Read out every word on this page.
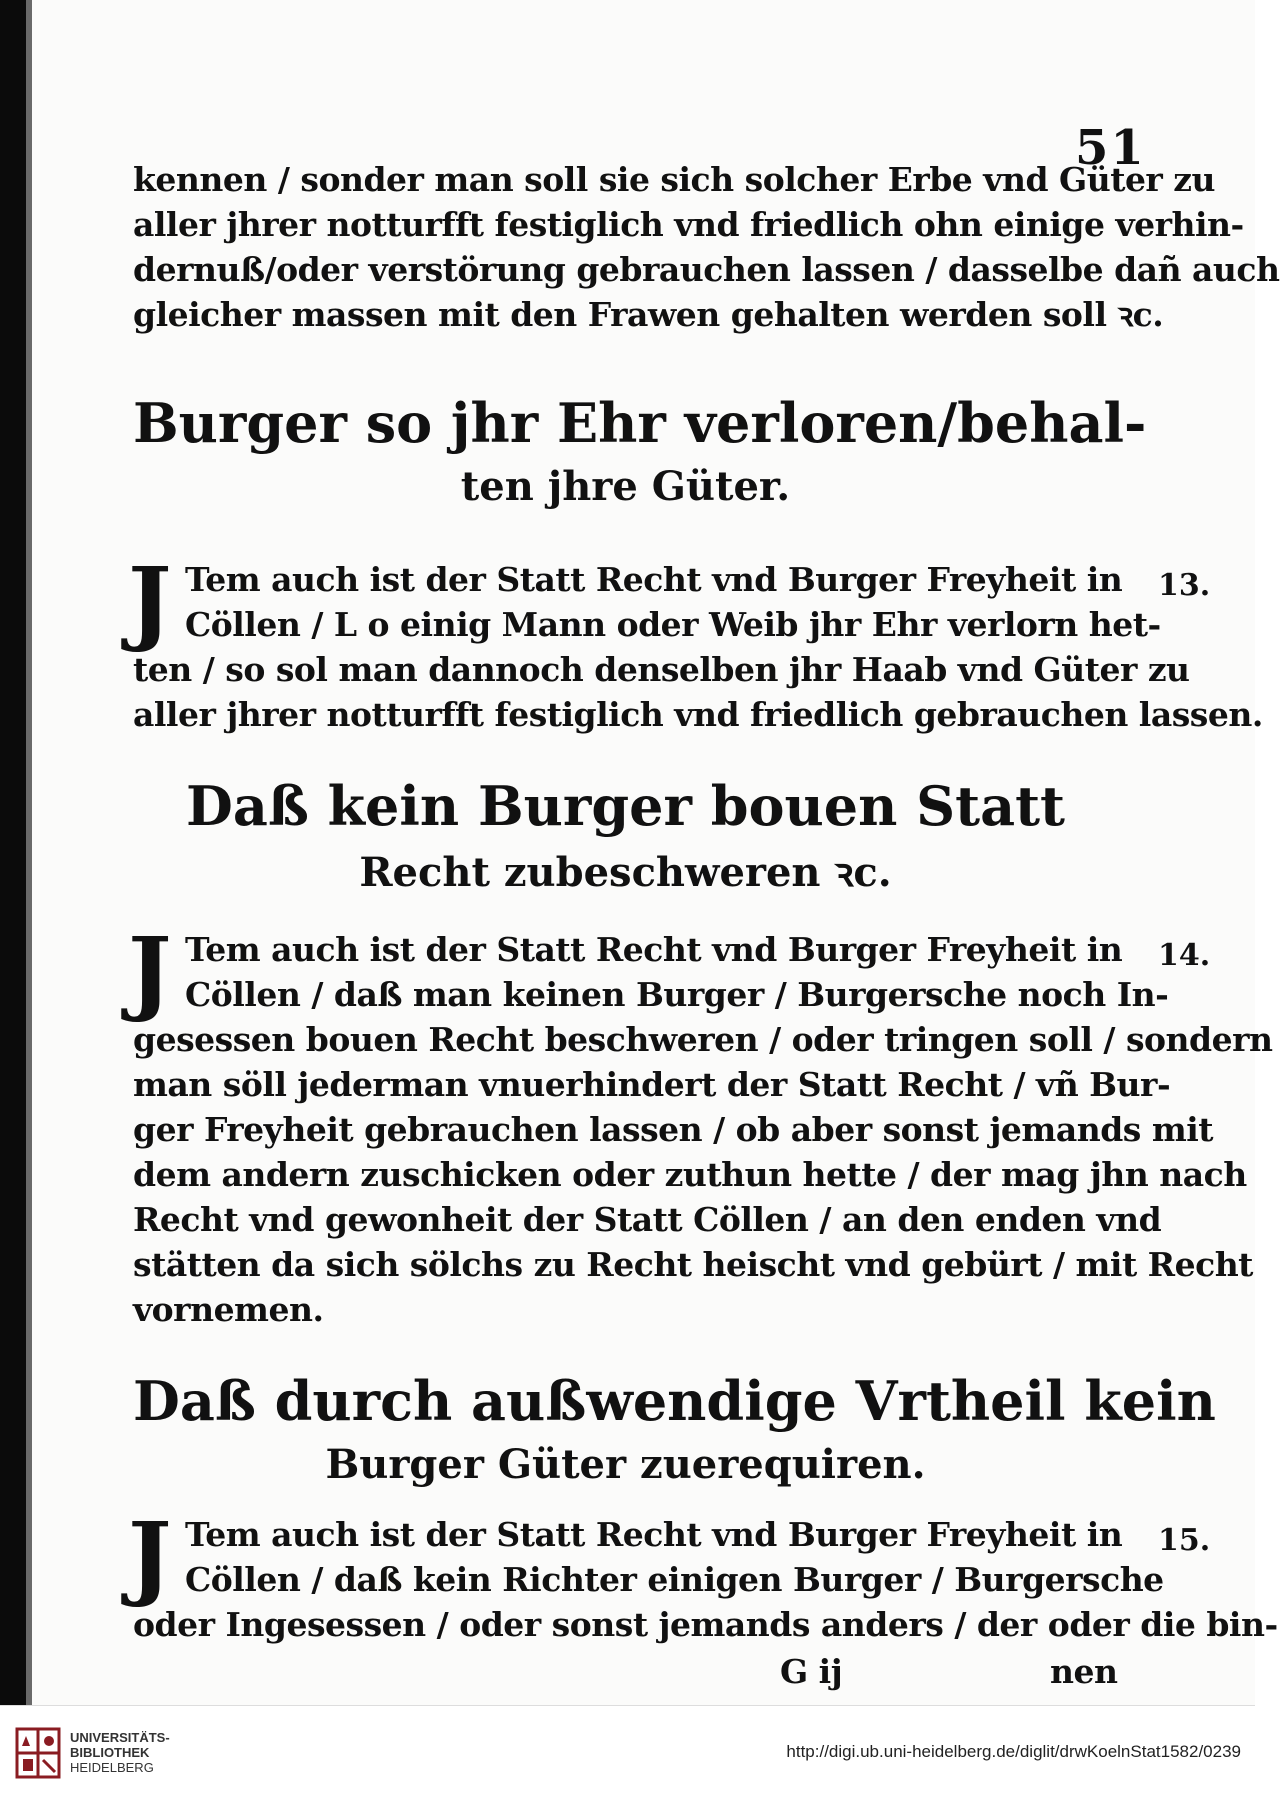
51
kennen / sonder man soll sie sich solcher Erbe vnd Güter zu
aller jhrer notturfft festiglich vnd friedlich ohn einige verhin-
dernuß/oder verstörung gebrauchen lassen / dasselbe dañ auch
gleicher massen mit den Frawen gehalten werden soll ꝛc.
Burger so jhr Ehr verloren/behal-
ten jhre Güter.
J Tem auch ist der Statt Recht vnd Burger Freyheit in
Cöllen / L o einig Mann oder Weib jhr Ehr verlorn het-
ten / so sol man dannoch denselben jhr Haab vnd Güter zu
aller jhrer notturfft festiglich vnd friedlich gebrauchen lassen.
13.
Daß kein Burger bouen Statt
Recht zubeschweren ꝛc.
J Tem auch ist der Statt Recht vnd Burger Freyheit in
Cöllen / daß man keinen Burger / Burgersche noch In-
gesessen bouen Recht beschweren / oder tringen soll / sondern
man söll jederman vnuerhindert der Statt Recht / vñ Bur-
ger Freyheit gebrauchen lassen / ob aber sonst jemands mit
dem andern zuschicken oder zuthun hette / der mag jhn nach
Recht vnd gewonheit der Statt Cöllen / an den enden vnd
stätten da sich sölchs zu Recht heischt vnd gebürt / mit Recht
vornemen.
14.
Daß durch außwendige Vrtheil kein
Burger Güter zuerequiren.
J Tem auch ist der Statt Recht vnd Burger Freyheit in
Cöllen / daß kein Richter einigen Burger / Burgersche
oder Ingesessen / oder sonst jemands anders / der oder die bin-
15.
G ij	nen
UNIVERSITÄTS-
BIBLIOTHEK
HEIDELBERG
http://digi.ub.uni-heidelberg.de/diglit/drwKoelnStat1582/0239
